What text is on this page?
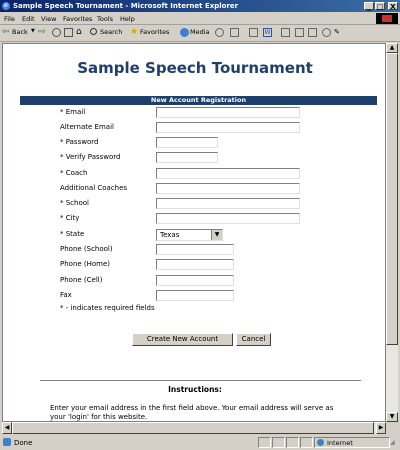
e Sample Speech Tournament - Microsoft Internet Explorer	_ □ X
File Edit View Favorites Tools Help
⇦ Back ▼ ⇨	⌂	Search ★ Favorites	Media	W	✎
Sample Speech Tournament
New Account Registration
* Email
Alternate Email
* Password
* Verify Password
* Coach
Additional Coaches
* School
* City
* State	Texas	▼
Phone (School)
Phone (Home)
Phone (Cell)
Fax
* - indicates required fields
Create New Account	Cancel
Instructions:
Enter your email address in the first field above. Your email address will serve as your 'login' for this website.
▲
▼
◀	▶
Done	Internet	◢
